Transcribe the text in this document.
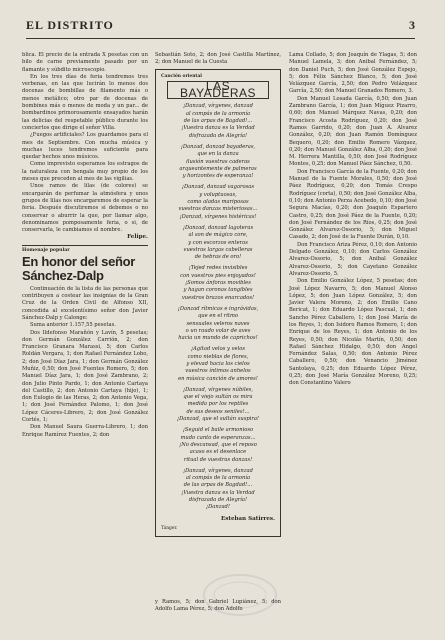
EL DISTRITO	3

blica. El precio de la entrada X pesetas con un bilo de carne previamente pasado por un flamante y súbdito microscopio.

En los tres días de feria tendremos tres verbenas, en las que lucirán lo menos dos docenas de bombillas de filamento más o menos metálico; otro par de docenas de bombines más o menos de moda y un par... de bombardinos primorosamente ensayados harán las delicias del respetable público durante los conciertos que dirige el señor Villa.

¿Fuegos artificiales? Los guardamos para el mes de Septiembre. Con mucha música y muchas luces tendremos suficiente para quedar hechos unos músicos.

Como imprevisto esperamos los estragos de la naturaleza con bengala muy propio de los meses que preceden al mes de las vigilias.

Unos ramos de lilas (de colores) se encargarán de perfumar la atmósfera y unos grupos de lilas nos encargaremos de esperar la feria. Después discutiremos si debemos o no conservar o aburrir la que, por llamar algo, denominamos pomposamente feria, o si, de conservarla, le cambiamos el nombre.

Felipe.

Homenaje popular
En honor del señor Sánchez-Dalp

Continuación de la lista de las personas que contribuyen a costear las insignias de la Gran Cruz de la Orden Civil de Alfonso XII, concedida al excelentísimo señor don Javier Sánchez-Dalp y Calonge:

Suma anterior 1.157,55 pesetas.

Dos Ildefonso Marañón y Lavín, 5 pesetas; don Germán González Carrión, 2; don Francisco Granara Marassi, 5; don Carlos Roldán Vergara, 1; don Rafael Fernández Lobo, 2; don José Díaz Jara, 1; don Germán González Muñiz, 0,50; don José Fuentes Romero, 5; don Manuel Díaz Jara, 1; don José Zambrano, 2; don Julio Pinto Pardo, 1; don Antonio Cartaya del Castillo, 2; don Antonio Cartaya (hijo), 1; don Eulogio de las Heras, 2; don Antonio Vega, 1; don José Fernández Palomo, 1; don José López Cáceres-Librero, 2; don José González Cortés, 1;

Don Manuel Saura Guerra-Librero, 1; don Enrique Ramírez Fuentes, 2; don

Sebastián Soto, 2; don José Castilla Martínez, 2; don Manuel de la Cuesta

Canción oriental
LAS BAYADERAS
¡Danzad, vírgenes, danzad
al compás de la armonía
de las arpas de Bagdad!...
¡Vuestra danza es la Verdad
disfrazada de Alegría!
¡Danzad, danzad bayaderas,
que en la danza
ilusión vuestras caderas
arqueantemente de palmeras
y horizontes de esperanza!
¡Danzad, danzad vagarosas
y voluptuosas,
como aladas mariposas
vuestras danzas misteriosas...
¡Danzad, vírgenes histéricas!
¡Danzad, danzad lagoteras
al son de mágico core,
y con escorzos enteras
vuestras largas cabelleras
de hebras de oro!
¡Tejed redes invisibles
con vuestros pies enjoyados!
¡Somos ánforas movibles
y hagan coronas tangibles
vuestros brazos enarcados!
¡Danzad rítmicas e ingrávidas,
que en el ritmo
sensuales veleros naves
o un raudo volar de aves
hacia un mundo de caprichos!
¡Agitad velos y velos
como nieblas de flores,
y elevad hacia los cielos
vuestros íntimos anhelos
en música canción de amores!
¡Danzad, vírgenes núbiles,
que el viejo sultán os mira
medida por los reptiles
de sus deseos seniles!...
¡Danzad, que el sultán suspira!
¡Seguid el baile armonioso
mudo canto de esperanzas...
¡No descansad, que el reposo
acaso es el desenlace
ritual de vuestras danzas!
¡Danzad, vírgenes, danzad
al compás de la armonía
de las arpas de Bagdad!...
¡Vuestra danza es la Verdad
disfrazada de Alegría!
¡Danzad!
Esteban Satirres.
Tánger.
y Ramos, 5; don Gabriel Lupiánez, 5; don Adolfo Lama Pérez, 5; don Adolfo

Lama Collado, 5; don Joaquín de Ylagas, 5; don Manuel Lamela, 3; don Anibal Fernández, 5; don Daniel Puch, 5; don José González Espejo, 5; don Félix Sánchez Blanco, 5; don José Velázquez García, 2,50; don Pedro Velázquez García, 2,50; don Manuel Granados Romero, 3.

Don Manuel Losada García, 0,50; don Juan Zambrano García, 1; don Juan Míguez Pizarro, 0,60; don Manuel Márquez Navas, 0,20; don Francisco Acosta Rodríguez, 0,20; don José Ramos Garrido, 0,20; don Juan A. Alvarez González, 0,20; don Juan Ramón Domínguez Bequero, 0,20; don Emilio Romero Vázquez, 0,20; don Manuel González Alba, 0,20; don José M. Herrera Mantilla, 0,50; don José Rodríguez Montes, 0,25; don Manuel Páez Sánchez, 0,50.

Don Francisco García de la Fuente, 0,20; don Manuel de la Fuente Morales, 0,50; don José Páez Rodríguez, 0,20; don Tomás Crespo Rodríguez (corta), 0,50; don José González Alba, 0,10; don Antonio Perza Acebedo, 0,10; don José Segura Macías, 0,20; don Joaquín Espartero Castro, 0,25; don José Páez de la Fuente, 0,20; don José Fernández de los Ríos, 0,25; don José González Alvarez-Ossorio, 5; don Miguel Casado, 2; don José de la Fuente Durán, 0,10.

Don Francisco Ariza Pérez, 0,10; don Antonio Delgado González, 0,10; don Carlos González Alvarez-Ossorio, 5; don Anibal González Alvarez-Ossorio, 5; don Cayetano González Alvarez-Ossorio, 5.

Don Emilio González López, 5 pesetas; don José López Navarro, 5; don Manuel Alonso López, 5; don Juan López González, 5; don Javier Valera Moreno, 2; don Emilio Cano Bericat, 1; don Eduardo López Pascual, 1; don Sancho Pérez Caballero, 1; don José María de los Reyes, 1; don Isidoro Ramos Romero, 1; don Enrique de los Reyes, 1; don Antonio de los Reyes, 0,50; don Nicolás Martín, 0,50; don Rafael Sánchez Hidalgo, 0,50; don Angel Fernández Salas, 0,50; don Antonio Pérez Caballero, 0,50; don Venancio Jiménez Santolaya, 0,25; don Eduardo López Pérez, 0,25; don José María González Moreno, 0,25; don Constantino Valero
